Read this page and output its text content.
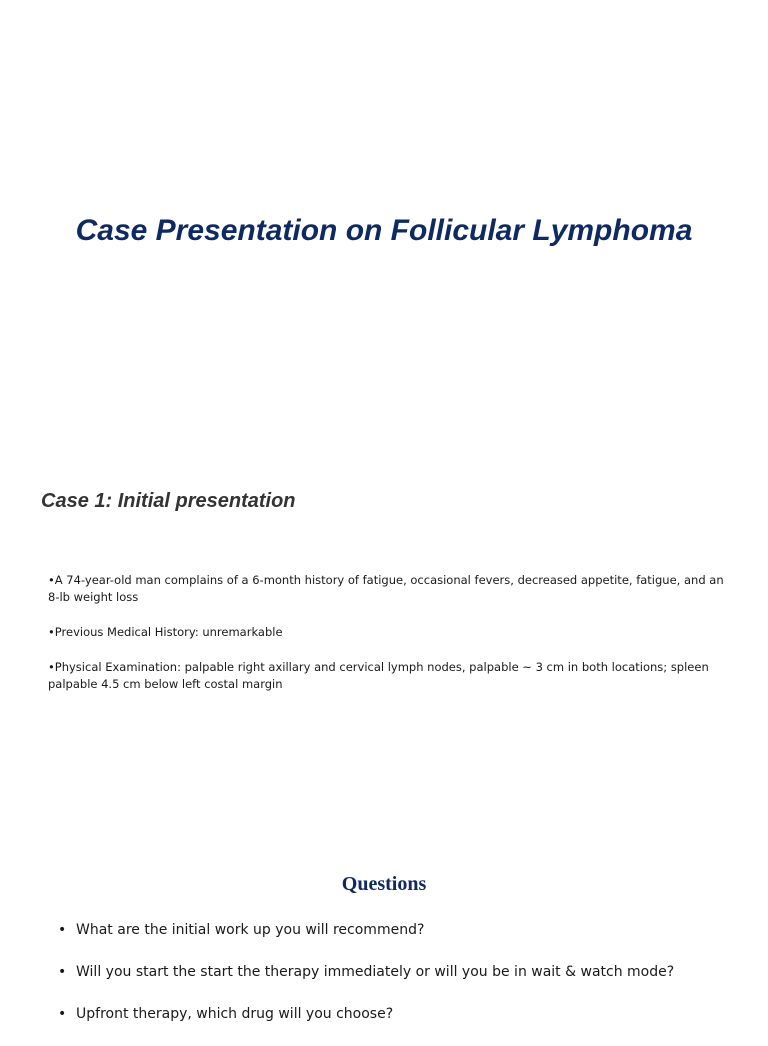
Case Presentation on Follicular Lymphoma
Case 1: Initial presentation
•A 74-year-old man complains of a 6-month history of fatigue, occasional fevers, decreased appetite, fatigue, and an 8-lb weight loss
•Previous Medical History: unremarkable
•Physical Examination: palpable right axillary and cervical lymph nodes, palpable ~ 3 cm in both locations; spleen palpable 4.5 cm below left costal margin
Questions
• What are the initial work up you will recommend?
• Will you start the start the therapy immediately or will you be in wait & watch mode?
• Upfront therapy, which drug will you choose?
